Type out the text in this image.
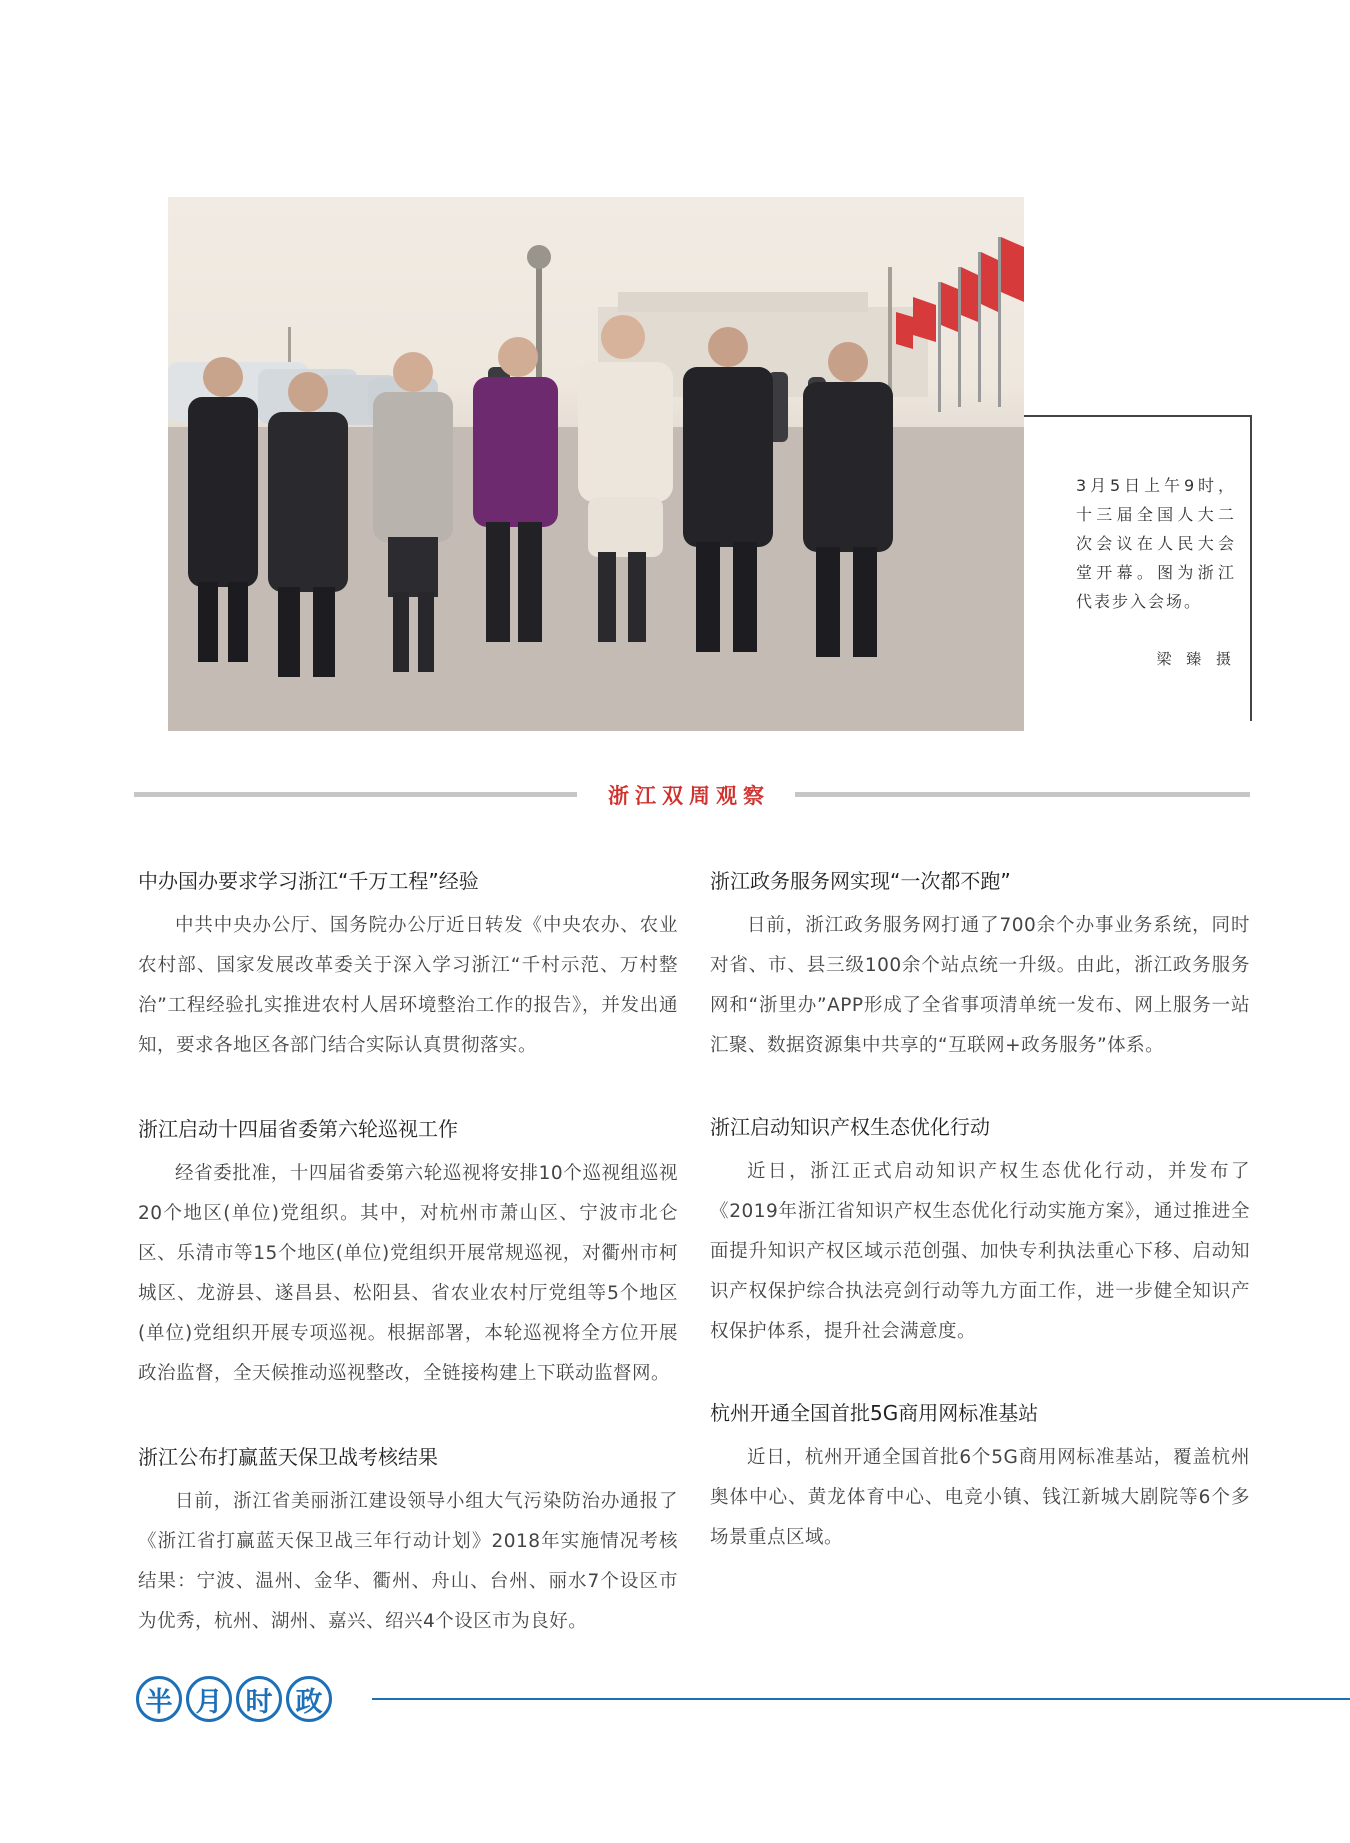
3月5日上午9时，十三届全国人大二次会议在人民大会堂开幕。图为浙江代表步入会场。
梁 臻 摄
浙江双周观察
中办国办要求学习浙江“千万工程”经验

中共中央办公厅、国务院办公厅近日转发《中央农办、农业农村部、国家发展改革委关于深入学习浙江“千村示范、万村整治”工程经验扎实推进农村人居环境整治工作的报告》，并发出通知，要求各地区各部门结合实际认真贯彻落实。

浙江启动十四届省委第六轮巡视工作

经省委批准，十四届省委第六轮巡视将安排10个巡视组巡视20个地区(单位)党组织。其中，对杭州市萧山区、宁波市北仑区、乐清市等15个地区(单位)党组织开展常规巡视，对衢州市柯城区、龙游县、遂昌县、松阳县、省农业农村厅党组等5个地区(单位)党组织开展专项巡视。根据部署，本轮巡视将全方位开展政治监督，全天候推动巡视整改，全链接构建上下联动监督网。

浙江公布打赢蓝天保卫战考核结果

日前，浙江省美丽浙江建设领导小组大气污染防治办通报了《浙江省打赢蓝天保卫战三年行动计划》2018年实施情况考核结果：宁波、温州、金华、衢州、舟山、台州、丽水7个设区市为优秀，杭州、湖州、嘉兴、绍兴4个设区市为良好。

浙江政务服务网实现“一次都不跑”

日前，浙江政务服务网打通了700余个办事业务系统，同时对省、市、县三级100余个站点统一升级。由此，浙江政务服务网和“浙里办”APP形成了全省事项清单统一发布、网上服务一站汇聚、数据资源集中共享的“互联网+政务服务”体系。

浙江启动知识产权生态优化行动

近日，浙江正式启动知识产权生态优化行动，并发布了《2019年浙江省知识产权生态优化行动实施方案》，通过推进全面提升知识产权区域示范创强、加快专利执法重心下移、启动知识产权保护综合执法亮剑行动等九方面工作，进一步健全知识产权保护体系，提升社会满意度。

杭州开通全国首批5G商用网标准基站

近日，杭州开通全国首批6个5G商用网标准基站，覆盖杭州奥体中心、黄龙体育中心、电竞小镇、钱江新城大剧院等6个多场景重点区域。

半 月 时 政
